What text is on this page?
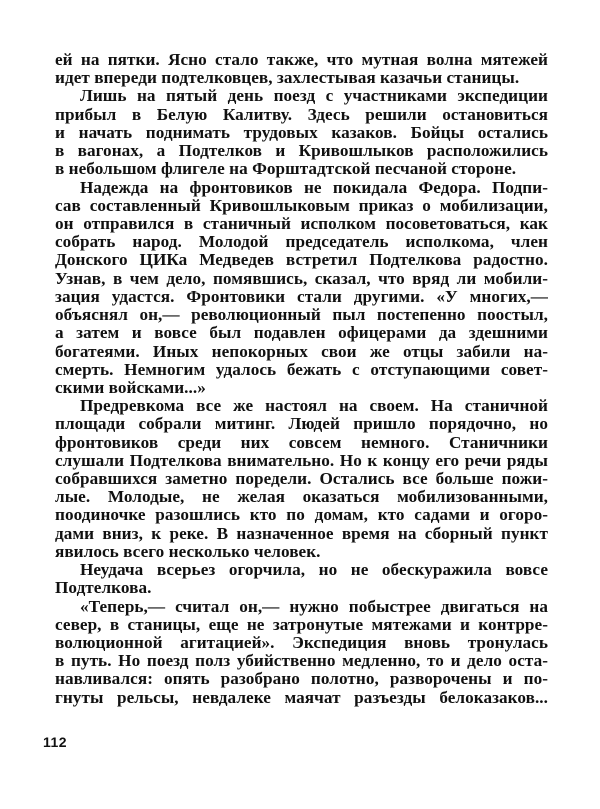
ей на пятки. Ясно стало также, что мутная волна мятежей
идет впереди подтелковцев, захлестывая казачьи станицы.
Лишь на пятый день поезд с участниками экспедиции
прибыл в Белую Калитву. Здесь решили остановиться
и начать поднимать трудовых казаков. Бойцы остались
в вагонах, а Подтелков и Кривошлыков расположились
в небольшом флигеле на Форштадтской песчаной стороне.
Надежда на фронтовиков не покидала Федора. Подпи-
сав составленный Кривошлыковым приказ о мобилизации,
он отправился в станичный исполком посоветоваться, как
собрать народ. Молодой председатель исполкома, член
Донского ЦИКа Медведев встретил Подтелкова радостно.
Узнав, в чем дело, помявшись, сказал, что вряд ли мобили-
зация удастся. Фронтовики стали другими. «У многих,—
объяснял он,— революционный пыл постепенно поостыл,
а затем и вовсе был подавлен офицерами да здешними
богатеями. Иных непокорных свои же отцы забили на-
смерть. Немногим удалось бежать с отступающими совет-
скими войсками...»
Предревкома все же настоял на своем. На станичной
площади собрали митинг. Людей пришло порядочно, но
фронтовиков среди них совсем немного. Станичники
слушали Подтелкова внимательно. Но к концу его речи ряды
собравшихся заметно поредели. Остались все больше пожи-
лые. Молодые, не желая оказаться мобилизованными,
поодиночке разошлись кто по домам, кто садами и огоро-
дами вниз, к реке. В назначенное время на сборный пункт
явилось всего несколько человек.
Неудача всерьез огорчила, но не обескуражила вовсе
Подтелкова.
«Теперь,— считал он,— нужно побыстрее двигаться на
север, в станицы, еще не затронутые мятежами и контрре-
волюционной агитацией». Экспедиция вновь тронулась
в путь. Но поезд полз убийственно медленно, то и дело оста-
навливался: опять разобрано полотно, разворочены и по-
гнуты рельсы, невдалеке маячат разъезды белоказаков...
112
